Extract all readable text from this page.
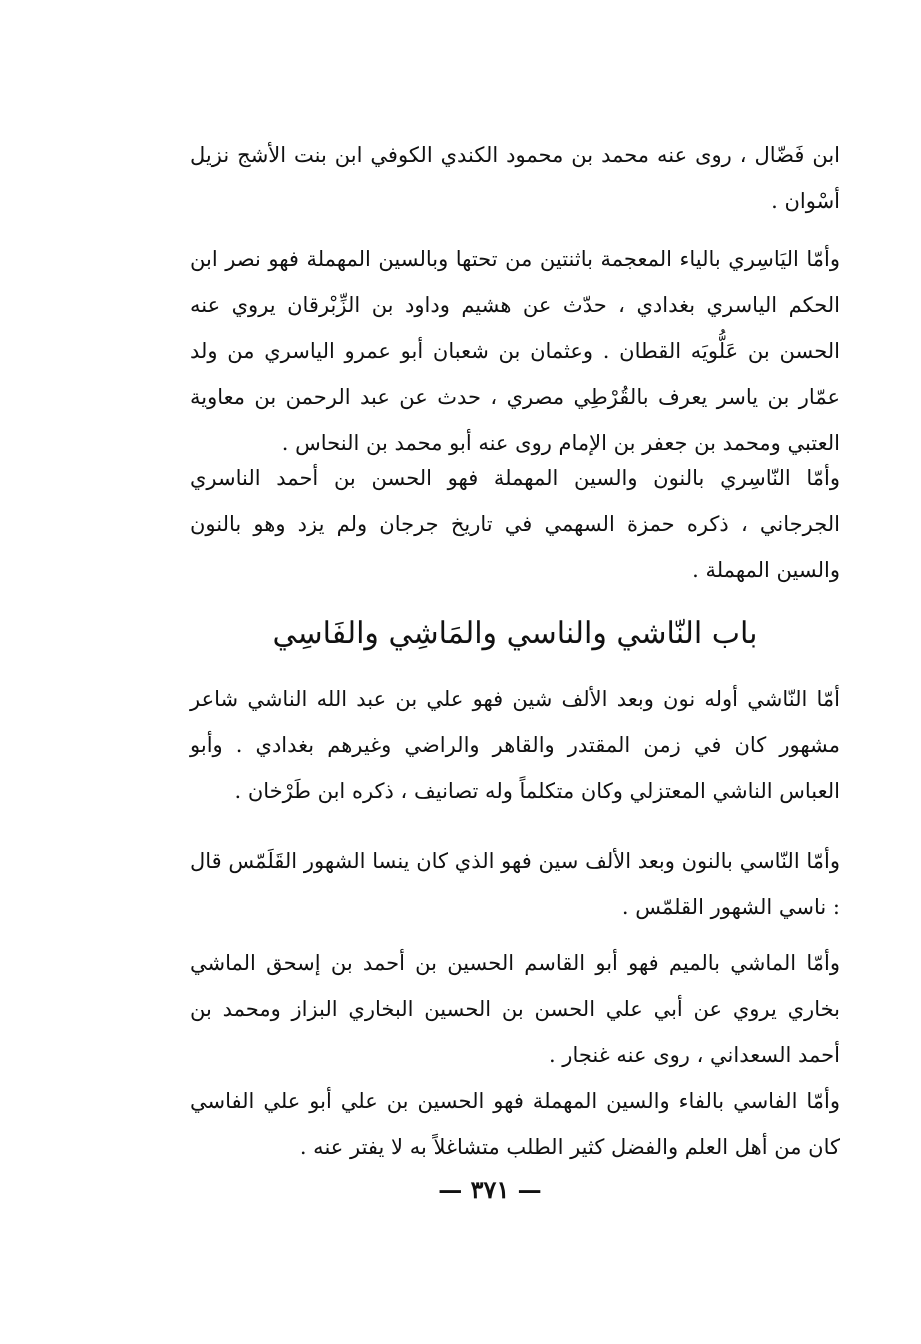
ابن فَضّال ، روى عنه محمد بن محمود الكندي الكوفي ابن بنت الأشج نزيل أسْوان .

وأمّا اليَاسِري بالياء المعجمة باثنتين من تحتها وبالسين المهملة فهو نصر ابن الحكم الياسري بغدادي ، حدّث عن هشيم وداود بن الزِّبْرقان يروي عنه الحسن بن عَلُّويَه القطان . وعثمان بن شعبان أبو عمرو الياسري من ولد عمّار بن ياسر يعرف بالقُرْطِي مصري ، حدث عن عبد الرحمن بن معاوية العتبي ومحمد بن جعفر بن الإمام روى عنه أبو محمد بن النحاس .

وأمّا النّاسِري بالنون والسين المهملة فهو الحسن بن أحمد الناسري الجرجاني ، ذكره حمزة السهمي في تاريخ جرجان ولم يزد وهو بالنون والسين المهملة .

باب النّاشي والناسي والمَاشِي والفَاسِي

أمّا النّاشي أوله نون وبعد الألف شين فهو علي بن عبد الله الناشي شاعر مشهور كان في زمن المقتدر والقاهر والراضي وغيرهم بغدادي . وأبو العباس الناشي المعتزلي وكان متكلماً وله تصانيف ، ذكره ابن طَرْخان .

وأمّا النّاسي بالنون وبعد الألف سين فهو الذي كان ينسا الشهور القَلَمّس قال : ناسي الشهور القلمّس .

وأمّا الماشي بالميم فهو أبو القاسم الحسين بن أحمد بن إسحق الماشي بخاري يروي عن أبي علي الحسن بن الحسين البخاري البزاز ومحمد بن أحمد السعداني ، روى عنه غنجار .

وأمّا الفاسي بالفاء والسين المهملة فهو الحسين بن علي أبو علي الفاسي كان من أهل العلم والفضل كثير الطلب متشاغلاً به لا يفتر عنه .

— ٣٧١ —
